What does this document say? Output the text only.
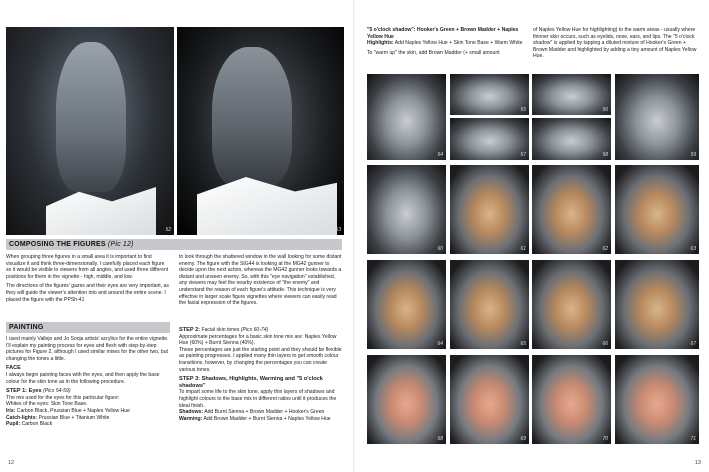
52	53
COMPOSING THE FIGURES (Pic 12)

When grouping three figures in a small area it is important to first visualize it and think three-dimensionally. I carefully placed each figure so it would be visible to viewers from all angles, and used three different positions for them in the vignette - high, middle, and low.

The directions of the figures' gazes and their eyes are very important, as they will guide the viewer's attention into and around the entire scene. I placed the figure with the PPSh-41

to look through the shattered window in the wall looking for some distant enemy. The figure with the StG44 is looking at the MG42 gunner to decide upon the next action, whereas the MG42 gunner looks towards a distant and unseen enemy. So, with this "eye navigation" established, any viewers may feel the nearby existence of "the enemy" and understand the reason of each figure's attitude. This technique is very effective in larger scale figure vignettes where viewers can easily read the facial expression of the figures.

PAINTING

I used mainly Vallejo and Jo Sonja artists' acrylics for the entire vignette. I'll explain my painting process for eyes and flesh with step-by-step pictures for Figure 2, although I used similar mixes for the other two, but changing the tones a little.

FACE

I always begin painting faces with the eyes, and then apply the base colour for the skin tone as in the following procedure.

STEP 1: Eyes (Pics 54-59)
The mix used for the eyes for this particular figure:
Whites of the eyes: Skin Tone Base.
Iris: Carbon Black, Prussian Blue + Naples Yellow Hue
Catch-lights: Prussian Blue + Titanium White
Pupil: Carbon Black
STEP 2: Facial skin tones (Pics 60-74)
Approximate percentages for a basic skin tone mix are: Naples Yellow Hue (60%) + Burnt Sienna (40%).

These percentages are just the starting point and they should be flexible as painting progresses. I applied many thin layers to get smooth colour transitions, however, by changing the percentages you can create various tones.

STEP 3: Shadows, Highlights, Warming and "5 o'clock shadows"
To impart some life to the skin tone, apply thin layers of shadows and highlight colours to the base mix in different ratios until it produces the ideal finish.
Shadows: Add Burnt Sienna + Brown Madder + Hooker's Green
Warming: Add Brown Madder + Burnt Sienna + Naples Yellow Hue
12
"5 o'clock shadow": Hooker's Green + Brown Madder + Naples Yellow Hue
Highlights: Add Naples Yellow Hue + Skin Tone Base + Warm White
To "warm up" the skin, add Brown Madder (+ small amount
of Naples Yellow Hue for highlighting) to the warm areas - usually where thinner skin occurs, such as eyelids, nose, ears, and lips. The "5 o'clock shadow" is applied by tapping a diluted mixture of Hooker's Green + Brown Madder and highlighted by adding a tiny amount of Naples Yellow Hue.
54
55	56
57	58	59
60	61	62	63
64	65	66	67
68	69	70	71
13
